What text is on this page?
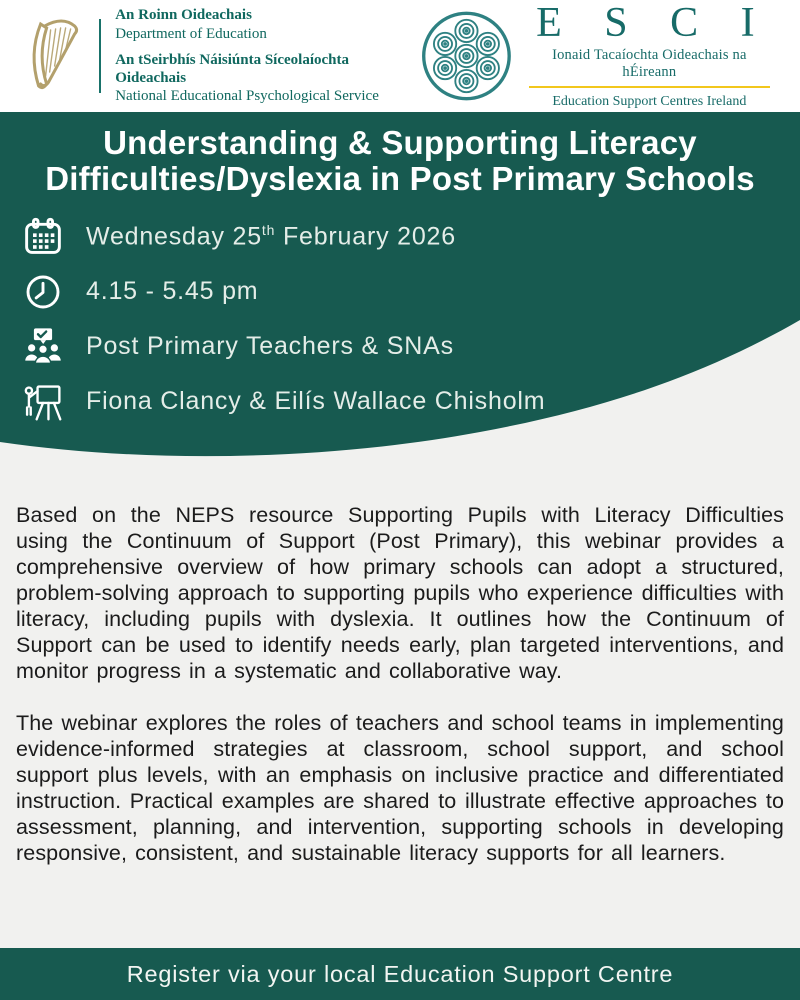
An Roinn Oideachais
Department of Education
An tSeirbhís Náisiúnta Síceolaíochta Oideachais
National Educational Psychological Service
E S C I
Ionaid Tacaíochta Oideachais na hÉireann
Education Support Centres Ireland
Understanding & Supporting Literacy Difficulties/Dyslexia in Post Primary Schools
Wednesday 25th February 2026
4.15 - 5.45 pm
Post Primary Teachers & SNAs
Fiona Clancy & Eilís Wallace Chisholm

Based on the NEPS resource Supporting Pupils with Literacy Difficulties using the Continuum of Support (Post Primary), this webinar provides a comprehensive overview of how primary schools can adopt a structured, problem-solving approach to supporting pupils who experience difficulties with literacy, including pupils with dyslexia. It outlines how the Continuum of Support can be used to identify needs early, plan targeted interventions, and monitor progress in a systematic and collaborative way.

The webinar explores the roles of teachers and school teams in implementing evidence-informed strategies at classroom, school support, and school support plus levels, with an emphasis on inclusive practice and differentiated instruction. Practical examples are shared to illustrate effective approaches to assessment, planning, and intervention, supporting schools in developing responsive, consistent, and sustainable literacy supports for all learners.

Register via your local Education Support Centre
